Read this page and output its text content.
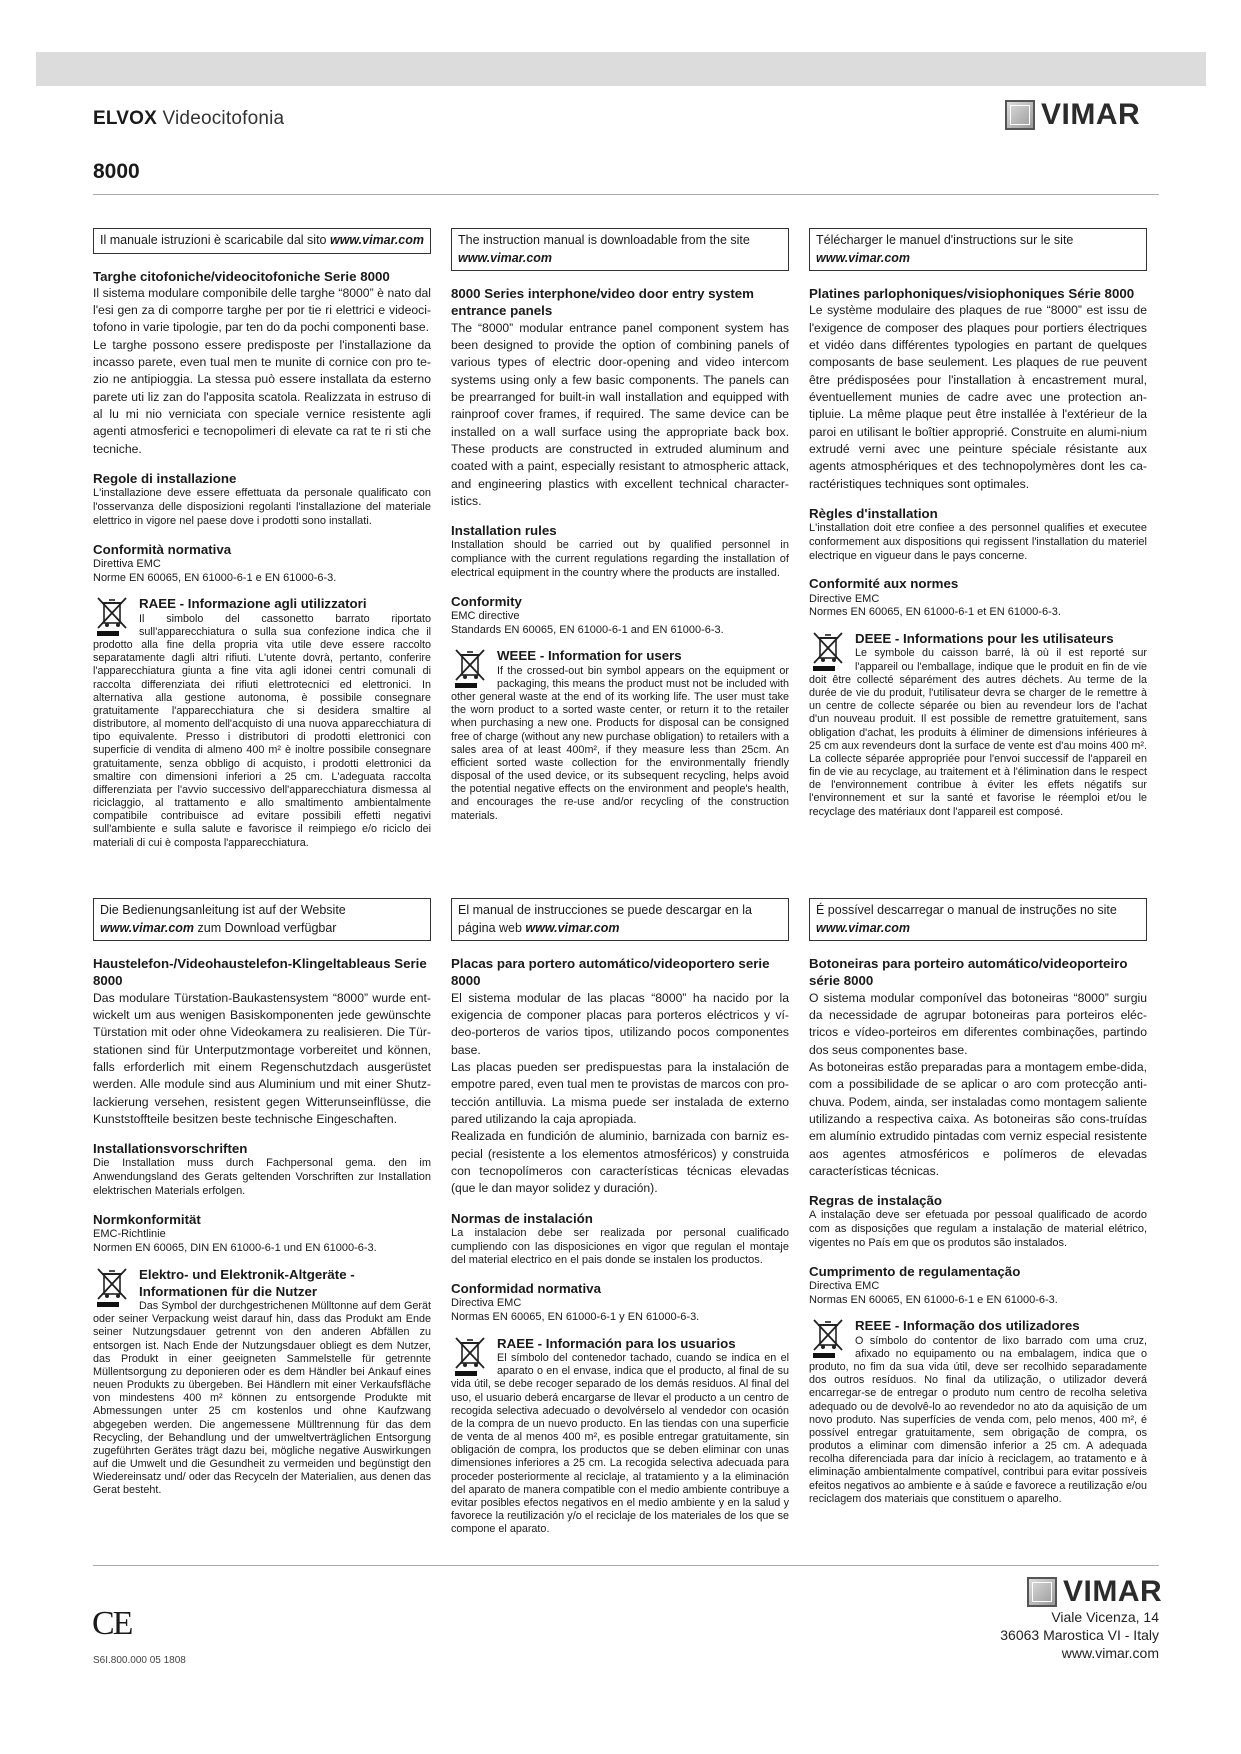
ELVOX Videocitofonia	VIMAR
8000
Il manuale istruzioni è scaricabile dal sito www.vimar.com

Targhe citofoniche/videocitofoniche Serie 8000

Il sistema modulare componibile delle targhe “8000” è nato dal l'esi gen za di comporre targhe per por tie ri elettrici e videoci-tofono in varie tipologie, par ten do da pochi componenti base.
Le targhe possono essere predisposte per l'installazione da incasso parete, even tual men te munite di cornice con pro te-zio ne antipioggia. La stessa può essere installata da esterno parete uti liz zan do l'apposita scatola. Realizzata in estruso di al lu mi nio verniciata con speciale vernice resistente agli agenti atmosferici e tecnopolimeri di elevate ca rat te ri sti che tecniche.

Regole di installazione

L'installazione deve essere effettuata da personale qualificato con l'osservanza delle disposizioni regolanti l'installazione del materiale elettrico in vigore nel paese dove i prodotti sono installati.

Conformità normativa

Direttiva EMC

Norme EN 60065, EN 61000-6-1 e EN 61000-6-3.

RAEE - Informazione agli utilizzatori

Il simbolo del cassonetto barrato riportato sull'apparecchiatura o sulla sua confezione indica che il prodotto alla fine della propria vita utile deve essere raccolto separatamente dagli altri rifiuti. L'utente dovrà, pertanto, conferire l'apparecchiatura giunta a fine vita agli idonei centri comunali di raccolta differenziata dei rifiuti elettrotecnici ed elettronici. In alternativa alla gestione autonoma, è possibile consegnare gratuitamente l'apparecchiatura che si desidera smaltire al distributore, al momento dell'acquisto di una nuova apparecchiatura di tipo equivalente. Presso i distributori di prodotti elettronici con superficie di vendita di almeno 400 m² è inoltre possibile consegnare gratuitamente, senza obbligo di acquisto, i prodotti elettronici da smaltire con dimensioni inferiori a 25 cm. L'adeguata raccolta differenziata per l'avvio successivo dell'apparecchiatura dismessa al riciclaggio, al trattamento e allo smaltimento ambientalmente compatibile contribuisce ad evitare possibili effetti negativi sull'ambiente e sulla salute e favorisce il reimpiego e/o riciclo dei materiali di cui è composta l'apparecchiatura.

The instruction manual is downloadable from the site www.vimar.com

8000 Series interphone/video door entry system entrance panels

The “8000” modular entrance panel component system has been designed to provide the option of combining panels of various types of electric door-opening and video intercom systems using only a few basic components. The panels can be prearranged for built-in wall installation and equipped with rainproof cover frames, if required. The same device can be installed on a wall surface using the appropriate back box. These products are constructed in extruded aluminum and coated with a paint, especially resistant to atmospheric attack, and engineering plastics with excellent technical character-istics.

Installation rules

Installation should be carried out by qualified personnel in compliance with the current regulations regarding the installation of electrical equipment in the country where the products are installed.

Conformity

EMC directive

Standards EN 60065, EN 61000-6-1 and EN 61000-6-3.

WEEE - Information for users

If the crossed-out bin symbol appears on the equipment or packaging, this means the product must not be included with other general waste at the end of its working life. The user must take the worn product to a sorted waste center, or return it to the retailer when purchasing a new one. Products for disposal can be consigned free of charge (without any new purchase obligation) to retailers with a sales area of at least 400m², if they measure less than 25cm. An efficient sorted waste collection for the environmentally friendly disposal of the used device, or its subsequent recycling, helps avoid the potential negative effects on the environment and people's health, and encourages the re-use and/or recycling of the construction materials.

Télécharger le manuel d'instructions sur le site www.vimar.com

Platines parlophoniques/visiophoniques Série 8000

Le système modulaire des plaques de rue “8000” est issu de l'exigence de composer des plaques pour portiers électriques et vidéo dans différentes typologies en partant de quelques composants de base seulement. Les plaques de rue peuvent être prédisposées pour l'installation à encastrement mural, éventuellement munies de cadre avec une protection an-tipluie. La même plaque peut être installée à l'extérieur de la paroi en utilisant le boîtier approprié. Construite en alumi-nium extrudé verni avec une peinture spéciale résistante aux agents atmosphériques et des technopolymères dont les ca-ractéristiques techniques sont optimales.

Règles d'installation

L'installation doit etre confiee a des personnel qualifies et executee conformement aux dispositions qui regissent l'installation du materiel electrique en vigueur dans le pays concerne.

Conformité aux normes

Directive EMC

Normes EN 60065, EN 61000-6-1 et EN 61000-6-3.

DEEE - Informations pour les utilisateurs

Le symbole du caisson barré, là où il est reporté sur l'appareil ou l'emballage, indique que le produit en fin de vie doit être collecté séparément des autres déchets. Au terme de la durée de vie du produit, l'utilisateur devra se charger de le remettre à un centre de collecte séparée ou bien au revendeur lors de l'achat d'un nouveau produit. Il est possible de remettre gratuitement, sans obligation d'achat, les produits à éliminer de dimensions inférieures à 25 cm aux revendeurs dont la surface de vente est d'au moins 400 m². La collecte séparée appropriée pour l'envoi successif de l'appareil en fin de vie au recyclage, au traitement et à l'élimination dans le respect de l'environnement contribue à éviter les effets négatifs sur l'environnement et sur la santé et favorise le réemploi et/ou le recyclage des matériaux dont l'appareil est composé.

Die Bedienungsanleitung ist auf der Website www.vimar.com zum Download verfügbar

Haustelefon-/Videohaustelefon-Klingeltableaus Serie 8000

Das modulare Türstation-Baukastensystem “8000” wurde ent-wickelt um aus wenigen Basiskomponenten jede gewünschte Türstation mit oder ohne Videokamera zu realisieren. Die Tür-stationen sind für Unterputzmontage vorbereitet und können, falls erforderlich mit einem Regenschutzdach ausgerüstet werden. Alle module sind aus Aluminium und mit einer Shutz-lackierung versehen, resistent gegen Witterunseinflüsse, die Kunststoffteile besitzen beste technische Eingeschaften.

Installationsvorschriften

Die Installation muss durch Fachpersonal gema. den im Anwendungsland des Gerats geltenden Vorschriften zur Installation elektrischen Materials erfolgen.

Normkonformität

EMC-Richtlinie

Normen EN 60065, DIN EN 61000-6-1 und EN 61000-6-3.

Elektro- und Elektronik-Altgeräte - Informationen für die Nutzer

Das Symbol der durchgestrichenen Mülltonne auf dem Gerät oder seiner Verpackung weist darauf hin, dass das Produkt am Ende seiner Nutzungsdauer getrennt von den anderen Abfällen zu entsorgen ist. Nach Ende der Nutzungsdauer obliegt es dem Nutzer, das Produkt in einer geeigneten Sammelstelle für getrennte Müllentsorgung zu deponieren oder es dem Händler bei Ankauf eines neuen Produkts zu übergeben. Bei Händlern mit einer Verkaufsfläche von mindestens 400 m² können zu entsorgende Produkte mit Abmessungen unter 25 cm kostenlos und ohne Kaufzwang abgegeben werden. Die angemessene Mülltrennung für das dem Recycling, der Behandlung und der umweltverträglichen Entsorgung zugeführten Gerätes trägt dazu bei, mögliche negative Auswirkungen auf die Umwelt und die Gesundheit zu vermeiden und begünstigt den Wiedereinsatz und/ oder das Recyceln der Materialien, aus denen das Gerat besteht.

El manual de instrucciones se puede descargar en la página web www.vimar.com

Placas para portero automático/videoportero serie 8000

El sistema modular de las placas “8000” ha nacido por la exigencia de componer placas para porteros eléctricos y ví-deo-porteros de varios tipos, utilizando pocos componentes base.
Las placas pueden ser predispuestas para la instalación de empotre pared, even tual men te provistas de marcos con pro-tección antilluvia. La misma puede ser instalada de externo pared utilizando la caja apropiada.
Realizada en fundición de aluminio, barnizada con barniz es-pecial (resistente a los elementos atmosféricos) y construida con tecnopolímeros con características técnicas elevadas (que le dan mayor solidez y duración).

Normas de instalación

La instalacion debe ser realizada por personal cualificado cumpliendo con las disposiciones en vigor que regulan el montaje del material electrico en el pais donde se instalen los productos.

Conformidad normativa

Directiva EMC

Normas EN 60065, EN 61000-6-1 y EN 61000-6-3.

RAEE - Información para los usuarios

El símbolo del contenedor tachado, cuando se indica en el aparato o en el envase, indica que el producto, al final de su vida útil, se debe recoger separado de los demás residuos. Al final del uso, el usuario deberá encargarse de llevar el producto a un centro de recogida selectiva adecuado o devolvérselo al vendedor con ocasión de la compra de un nuevo producto. En las tiendas con una superficie de venta de al menos 400 m², es posible entregar gratuitamente, sin obligación de compra, los productos que se deben eliminar con unas dimensiones inferiores a 25 cm. La recogida selectiva adecuada para proceder posteriormente al reciclaje, al tratamiento y a la eliminación del aparato de manera compatible con el medio ambiente contribuye a evitar posibles efectos negativos en el medio ambiente y en la salud y favorece la reutilización y/o el reciclaje de los materiales de los que se compone el aparato.

É possível descarregar o manual de instruções no site www.vimar.com

Botoneiras para porteiro automático/videoporteiro série 8000

O sistema modular componível das botoneiras “8000” surgiu da necessidade de agrupar botoneiras para porteiros eléc-tricos e vídeo-porteiros em diferentes combinações, partindo dos seus componentes base.
As botoneiras estão preparadas para a montagem embe-dida, com a possibilidade de se aplicar o aro com protecção anti-chuva. Podem, ainda, ser instaladas como montagem saliente utilizando a respectiva caixa. As botoneiras são cons-truídas em alumínio extrudido pintadas com verniz especial resistente aos agentes atmosféricos e polímeros de elevadas características técnicas.

Regras de instalação

A instalação deve ser efetuada por pessoal qualificado de acordo com as disposições que regulam a instalação de material elétrico, vigentes no País em que os produtos são instalados.

Cumprimento de regulamentação

Directiva EMC

Normas EN 60065, EN 61000-6-1 e EN 61000-6-3.

REEE - Informação dos utilizadores

O símbolo do contentor de lixo barrado com uma cruz, afixado no equipamento ou na embalagem, indica que o produto, no fim da sua vida útil, deve ser recolhido separadamente dos outros resíduos. No final da utilização, o utilizador deverá encarregar-se de entregar o produto num centro de recolha seletiva adequado ou de devolvê-lo ao revendedor no ato da aquisição de um novo produto. Nas superfícies de venda com, pelo menos, 400 m², é possível entregar gratuitamente, sem obrigação de compra, os produtos a eliminar com dimensão inferior a 25 cm. A adequada recolha diferenciada para dar início à reciclagem, ao tratamento e à eliminação ambientalmente compatível, contribui para evitar possíveis efeitos negativos ao ambiente e à saúde e favorece a reutilização e/ou reciclagem dos materiais que constituem o aparelho.

CE
S6I.800.000 05 1808
VIMAR
Viale Vicenza, 14
36063 Marostica VI - Italy
www.vimar.com
